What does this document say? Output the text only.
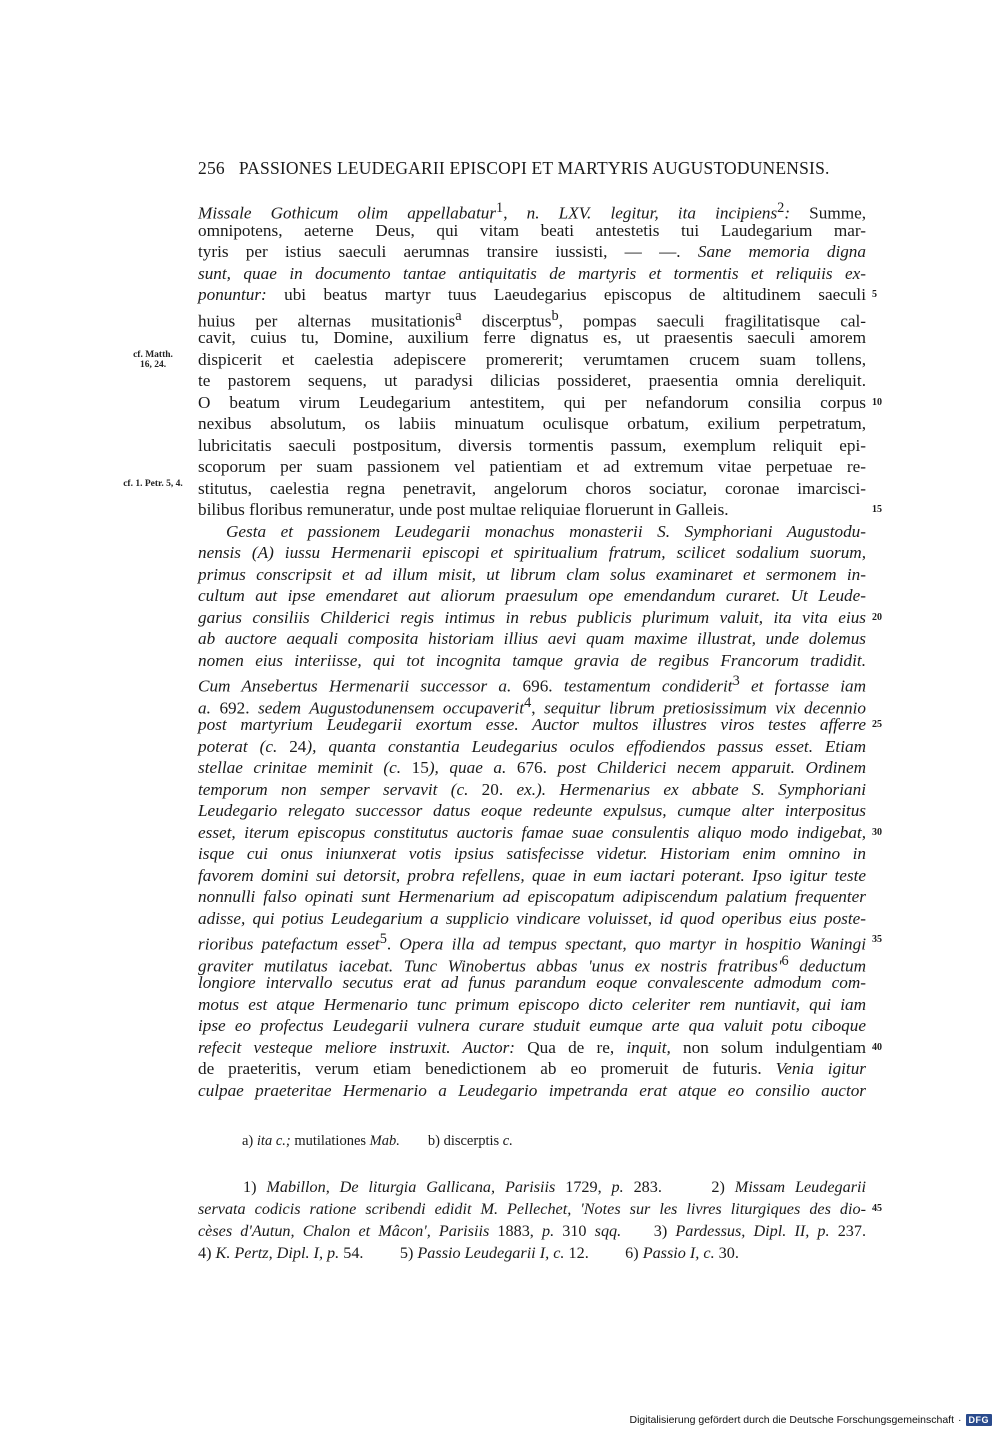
256 PASSIONES LEUDEGARII EPISCOPI ET MARTYRIS AUGUSTODUNENSIS.
Missale Gothicum olim appellabatur$^1$, n. LXV. legitur, ita incipiens$^2$: Summe,
omnipotens, aeterne Deus, qui vitam beati antestetis tui Laudegarium mar-
tyris per istius saeculi aerumnas transire iussisti, — —. Sane memoria digna
sunt, quae in documento tantae antiquitatis de martyris et tormentis et reliquiis ex-
ponuntur: ubi beatus martyr tuus Laeudegarius episcopus de altitudinem saeculi
huius per alternas musitationis$^a$ discerptus$^b$, pompas saeculi fragilitatisque cal-
cavit, cuius tu, Domine, auxilium ferre dignatus es, ut praesentis saeculi amorem
dispicerit et caelestia adepiscere promererit; verumtamen crucem suam tollens,
te pastorem sequens, ut paradysi dilicias possideret, praesentia omnia dereliquit.
O beatum virum Leudegarium antestitem, qui per nefandorum consilia corpus
nexibus absolutum, os labiis minuatum oculisque orbatum, exilium perpetratum,
lubricitatis saeculi postpositum, diversis tormentis passum, exemplum reliquit epi-
scoporum per suam passionem vel patientiam et ad extremum vitae perpetuae re-
stitutus, caelestia regna penetravit, angelorum choros sociatur, coronae imarcisci-
bilibus floribus remuneratur, unde post multae reliquiae floruerunt in Galleis.
Gesta et passionem Leudegarii monachus monasterii S. Symphoriani Augustodu-
nensis (A) iussu Hermenarii episcopi et spiritualium fratrum, scilicet sodalium suorum,
primus conscripsit et ad illum misit, ut librum clam solus examinaret et sermonem in-
cultum aut ipse emendaret aut aliorum praesulum ope emendandum curaret. Ut Leude-
garius consiliis Childerici regis intimus in rebus publicis plurimum valuit, ita vita eius
ab auctore aequali composita historiam illius aevi quam maxime illustrat, unde dolemus
nomen eius interiisse, qui tot incognita tamque gravia de regibus Francorum tradidit.
Cum Ansebertus Hermenarii successor a. 696. testamentum condiderit$^3$ et fortasse iam
a. 692. sedem Augustodunensem occupaverit$^4$, sequitur librum pretiosissimum vix decennio
post martyrium Leudegarii exortum esse. Auctor multos illustres viros testes afferre
poterat (c. 24), quanta constantia Leudegarius oculos effodiendos passus esset. Etiam
stellae crinitae meminit (c. 15), quae a. 676. post Childerici necem apparuit. Ordinem
temporum non semper servavit (c. 20. ex.). Hermenarius ex abbate S. Symphoriani
Leudegario relegato successor datus eoque redeunte expulsus, cumque alter interpositus
esset, iterum episcopus constitutus auctoris famae suae consulentis aliquo modo indigebat,
isque cui onus iniunxerat votis ipsius satisfecisse videtur. Historiam enim omnino in
favorem domini sui detorsit, probra refellens, quae in eum iactari poterant. Ipso igitur teste
nonnulli falso opinati sunt Hermenarium ad episcopatum adipiscendum palatium frequenter
adisse, qui potius Leudegarium a supplicio vindicare voluisset, id quod operibus eius poste-
rioribus patefactum esset$^5$. Opera illa ad tempus spectant, quo martyr in hospitio Waningi
graviter mutilatus iacebat. Tunc Winobertus abbas 'unus ex nostris $fratribus'^6$ deductum
longiore intervallo secutus erat ad funus parandum eoque convalescente admodum com-
motus est atque Hermenario tunc primum episcopo dicto celeriter rem nuntiavit, qui iam
ipse eo profectus Leudegarii vulnera curare studuit eumque arte qua valuit potu ciboque
refecit vesteque meliore instruxit. Auctor: Qua de re, inquit, non solum indulgentiam
de praeteritis, verum etiam benedictionem ab eo promeruit de futuris. Venia igitur
culpae praeteritae Hermenario a Leudegario impetranda erat atque eo consilio auctor
5
10
15
20
25
30
35
40
cf. Matth.
16, 24.
cf. 1. Petr. 5, 4.
a) ita c.; mutilationes Mab. b) discerptis c.
1) Mabillon, De liturgia Gallicana, Parisiis 1729, p. 283.     2) Missam Leudegarii
servata codicis ratione scribendi edidit M. Pellechet, 'Notes sur les livres liturgiques des dio-
cèses d'Autun, Chalon et Mâcon', Parisiis 1883, p. 310 sqq.    3) Pardessus, Dipl. II, p. 237.
4) K. Pertz, Dipl. I, p. 54.         5) Passio Leudegarii I, c. 12.         6) Passio I, c. 30.
45
Digitalisierung gefördert durch die Deutsche Forschungsgemeinschaft · DFG
